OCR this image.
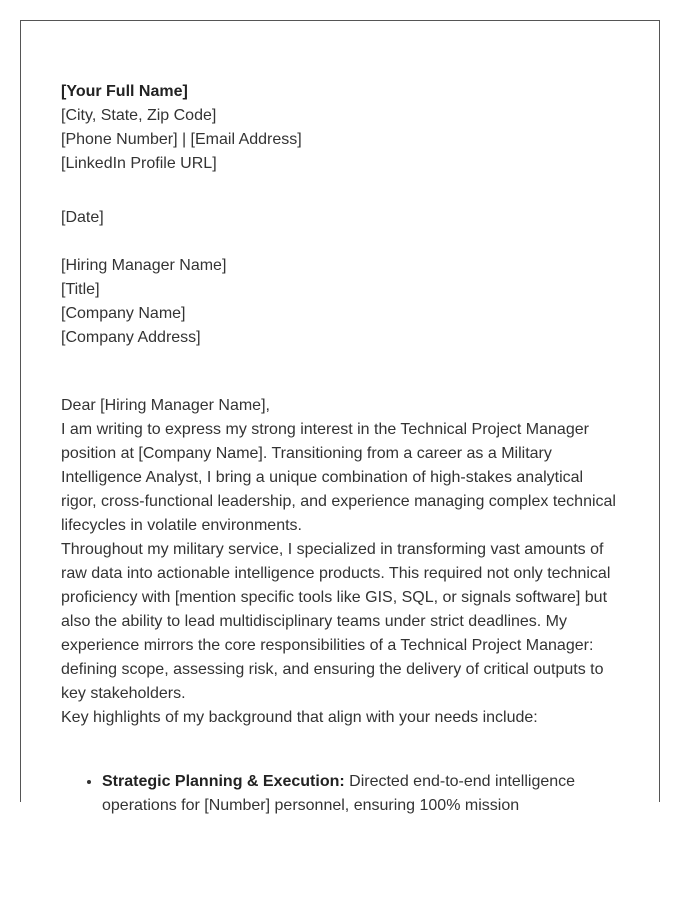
[Your Full Name]
[City, State, Zip Code]
[Phone Number] | [Email Address]
[LinkedIn Profile URL]
[Date]
[Hiring Manager Name]
[Title]
[Company Name]
[Company Address]

Dear [Hiring Manager Name],

I am writing to express my strong interest in the Technical Project Manager position at [Company Name]. Transitioning from a career as a Military Intelligence Analyst, I bring a unique combination of high-stakes analytical rigor, cross-functional leadership, and experience managing complex technical lifecycles in volatile environments.

Throughout my military service, I specialized in transforming vast amounts of raw data into actionable intelligence products. This required not only technical proficiency with [mention specific tools like GIS, SQL, or signals software] but also the ability to lead multidisciplinary teams under strict deadlines. My experience mirrors the core responsibilities of a Technical Project Manager: defining scope, assessing risk, and ensuring the delivery of critical outputs to key stakeholders.

Key highlights of my background that align with your needs include:

• Strategic Planning & Execution: Directed end-to-end intelligence operations for [Number] personnel, ensuring 100% mission
